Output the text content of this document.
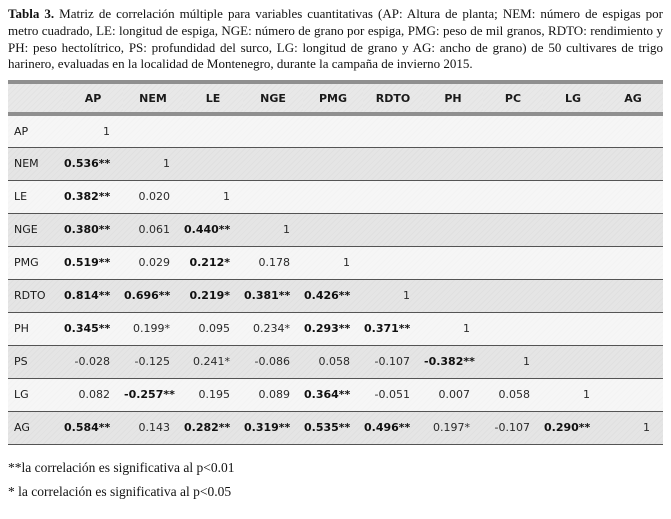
Tabla 3. Matriz de correlación múltiple para variables cuantitativas (AP: Altura de planta; NEM: número de espigas por metro cuadrado, LE: longitud de espiga, NGE: número de grano por espiga, PMG: peso de mil granos, RDTO: rendimiento y PH: peso hectolítrico, PS: profundidad del surco, LG: longitud de grano y AG: ancho de grano) de 50 cultivares de trigo harinero, evaluadas en la localidad de Montenegro, durante la campaña de invierno 2015.

	AP	NEM	LE	NGE	PMG	RDTO	PH	PC	LG	AG
AP	1									
NEM	0.536**	1								
LE	0.382**	0.020	1							
NGE	0.380**	0.061	0.440**	1						
PMG	0.519**	0.029	0.212*	0.178	1					
RDTO	0.814**	0.696**	0.219*	0.381**	0.426**	1				
PH	0.345**	0.199*	0.095	0.234*	0.293**	0.371**	1			
PS	-0.028	-0.125	0.241*	-0.086	0.058	-0.107	-0.382**	1		
LG	0.082	-0.257**	0.195	0.089	0.364**	-0.051	0.007	0.058	1	
AG	0.584**	0.143	0.282**	0.319**	0.535**	0.496**	0.197*	-0.107	0.290**	1

**la correlación es significativa al p<0.01

* la correlación es significativa al p<0.05
